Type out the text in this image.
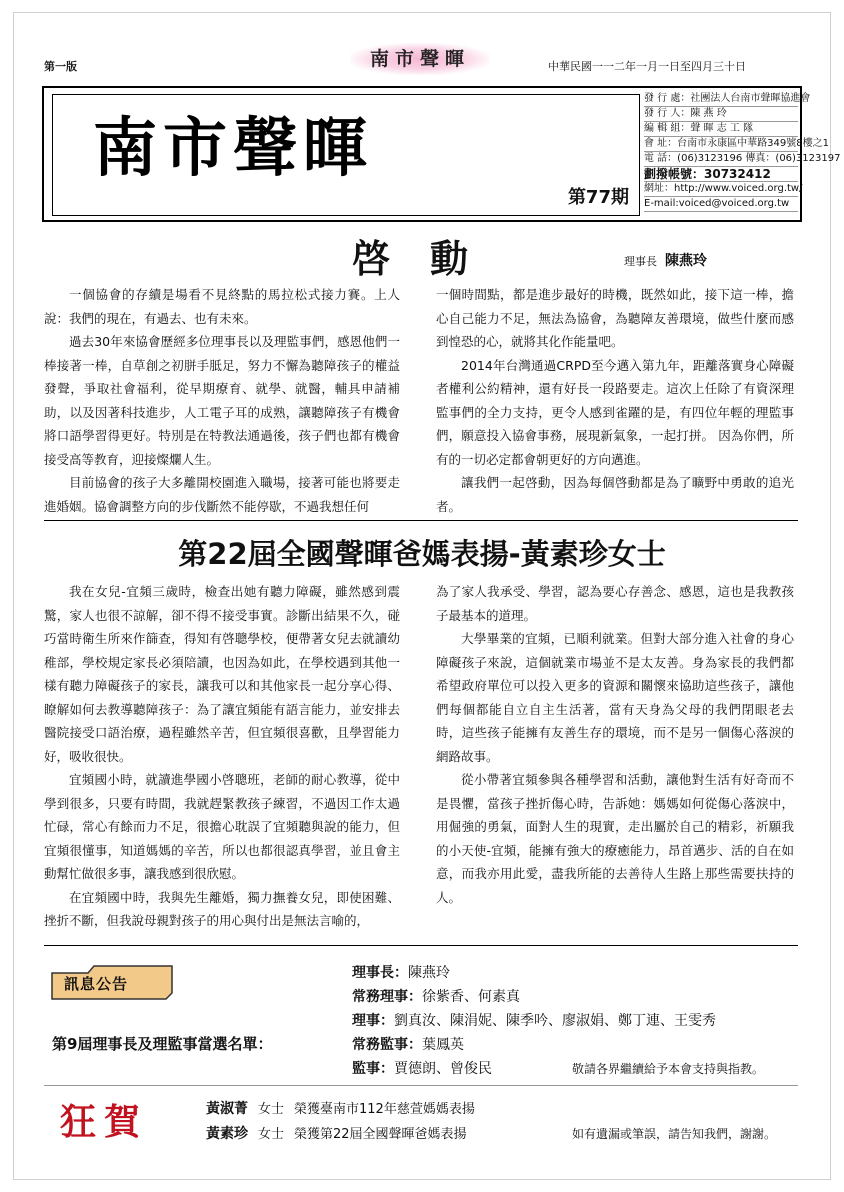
第一版	南市聲暉	中華民國一一二年一月一日至四月三十日
南市聲暉
第77期
發 行 處：社團法人台南市聲暉協進會
發 行 人：陳 燕 玲
編 輯 組：聲 暉 志 工 隊
會 址：台南市永康區中華路349號8樓之1
電 話：(06)3123196 傳真：(06)3123197
劃撥帳號：30732412
網址：http://www.voiced.org.tw/
E-mail:voiced@voiced.org.tw
啓動	理事長 陳燕玲

一個協會的存續是場看不見終點的馬拉松式接力賽。上人說：我們的現在，有過去、也有未來。

過去30年來協會歷經多位理事長以及理監事們，感恩他們一棒接著一棒，自草創之初胼手胝足，努力不懈為聽障孩子的權益發聲，爭取社會福利，從早期療育、就學、就醫，輔具申請補助，以及因著科技進步，人工電子耳的成熟，讓聽障孩子有機會將口語學習得更好。特別是在特教法通過後，孩子們也都有機會接受高等教育，迎接燦爛人生。

目前協會的孩子大多離開校園進入職場，接著可能也將要走進婚姻。協會調整方向的步伐斷然不能停歇，不過我想任何

一個時間點，都是進步最好的時機，既然如此，接下這一棒，擔心自己能力不足，無法為協會，為聽障友善環境，做些什麼而感到惶恐的心，就將其化作能量吧。

2014年台灣通過CRPD至今邁入第九年，距離落實身心障礙者權利公約精神，還有好長一段路要走。這次上任除了有資深理監事們的全力支持，更令人感到雀躍的是，有四位年輕的理監事們，願意投入協會事務，展現新氣象，一起打拼。 因為你們，所有的一切必定都會朝更好的方向邁進。

讓我們一起啓動，因為每個啓動都是為了曠野中勇敢的追光者。

第22屆全國聲暉爸媽表揚-黃素珍女士

我在女兒-宜頻三歲時，檢查出她有聽力障礙，雖然感到震驚，家人也很不諒解，卻不得不接受事實。診斷出結果不久，碰巧當時衛生所來作篩查，得知有啓聰學校，便帶著女兒去就讀幼稚部，學校規定家長必須陪讀，也因為如此，在學校遇到其他一樣有聽力障礙孩子的家長，讓我可以和其他家長一起分享心得、瞭解如何去教導聽障孩子：為了讓宜頻能有語言能力，並安排去醫院接受口語治療，過程雖然辛苦，但宜頻很喜歡，且學習能力好，吸收很快。

宜頻國小時，就讀進學國小啓聰班，老師的耐心教導，從中學到很多，只要有時間，我就趕緊教孩子練習，不過因工作太過忙碌，常心有餘而力不足，很擔心耽誤了宜頻聽與說的能力，但宜頻很懂事，知道媽媽的辛苦，所以也都很認真學習，並且會主動幫忙做很多事，讓我感到很欣慰。

在宜頻國中時，我與先生離婚，獨力撫養女兒，即使困難、挫折不斷，但我說母親對孩子的用心與付出是無法言喻的，

為了家人我承受、學習，認為要心存善念、感恩，這也是我教孩子最基本的道理。

大學畢業的宜頻，已順利就業。但對大部分進入社會的身心障礙孩子來說，這個就業市場並不是太友善。身為家長的我們都希望政府單位可以投入更多的資源和關懷來協助這些孩子，讓他們每個都能自立自主生活著，當有天身為父母的我們閉眼老去時，這些孩子能擁有友善生存的環境，而不是另一個傷心落淚的網路故事。

從小帶著宜頻參與各種學習和活動，讓他對生活有好奇而不是畏懼，當孩子挫折傷心時，告訴她：媽媽如何從傷心落淚中，用倔強的勇氣，面對人生的現實，走出屬於自己的精彩，祈願我的小天使-宜頻，能擁有強大的療癒能力，昂首邁步、活的自在如意，而我亦用此愛，盡我所能的去善待人生路上那些需要扶持的人。

訊息公告
第9屆理事長及理監事當選名單：
理事長：陳燕玲
常務理事：徐紫香、何素真
理事：劉真汝、陳涓妮、陳季吟、廖淑娟、鄭丁連、王雯秀
常務監事：葉鳳英
監事：賈德朗、曾俊民	敬請各界繼續給予本會支持與指教。
狂賀	黃淑菁 女士 榮獲臺南市112年慈萱媽媽表揚
黃素珍 女士 榮獲第22屆全國聲暉爸媽表揚	如有遺漏或筆誤，請告知我們，謝謝。
